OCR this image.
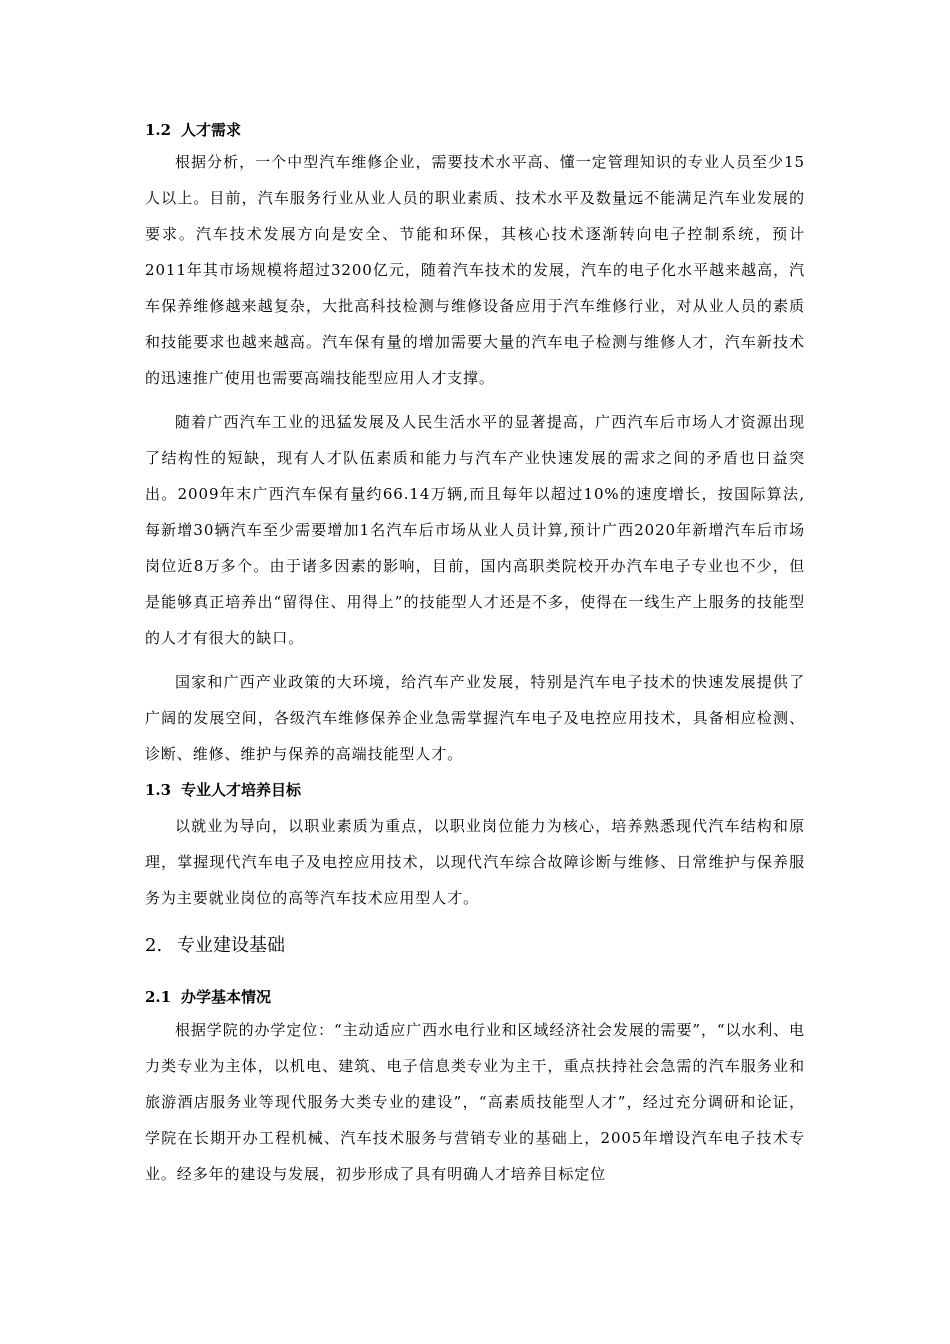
1.2 人才需求

根据分析，一个中型汽车维修企业，需要技术水平高、懂一定管理知识的专业人员至少15人以上。目前，汽车服务行业从业人员的职业素质、技术水平及数量远不能满足汽车业发展的要求。汽车技术发展方向是安全、节能和环保，其核心技术逐渐转向电子控制系统，预计2011年其市场规模将超过3200亿元，随着汽车技术的发展，汽车的电子化水平越来越高，汽车保养维修越来越复杂，大批高科技检测与维修设备应用于汽车维修行业，对从业人员的素质和技能要求也越来越高。汽车保有量的增加需要大量的汽车电子检测与维修人才，汽车新技术的迅速推广使用也需要高端技能型应用人才支撑。

随着广西汽车工业的迅猛发展及人民生活水平的显著提高，广西汽车后市场人才资源出现了结构性的短缺，现有人才队伍素质和能力与汽车产业快速发展的需求之间的矛盾也日益突出。2009年末广西汽车保有量约66.14万辆,而且每年以超过10%的速度增长，按国际算法,每新增30辆汽车至少需要增加1名汽车后市场从业人员计算,预计广西2020年新增汽车后市场岗位近8万多个。由于诸多因素的影响，目前，国内高职类院校开办汽车电子专业也不少，但是能够真正培养出“留得住、用得上”的技能型人才还是不多，使得在一线生产上服务的技能型的人才有很大的缺口。

国家和广西产业政策的大环境，给汽车产业发展，特别是汽车电子技术的快速发展提供了广阔的发展空间，各级汽车维修保养企业急需掌握汽车电子及电控应用技术，具备相应检测、诊断、维修、维护与保养的高端技能型人才。

1.3 专业人才培养目标

以就业为导向，以职业素质为重点，以职业岗位能力为核心，培养熟悉现代汽车结构和原理，掌握现代汽车电子及电控应用技术，以现代汽车综合故障诊断与维修、日常维护与保养服务为主要就业岗位的高等汽车技术应用型人才。

2. 专业建设基础
2.1 办学基本情况

根据学院的办学定位：“主动适应广西水电行业和区域经济社会发展的需要”，“以水利、电力类专业为主体，以机电、建筑、电子信息类专业为主干，重点扶持社会急需的汽车服务业和旅游酒店服务业等现代服务大类专业的建设”，“高素质技能型人才”，经过充分调研和论证，学院在长期开办工程机械、汽车技术服务与营销专业的基础上，2005年增设汽车电子技术专业。经多年的建设与发展，初步形成了具有明确人才培养目标定位
